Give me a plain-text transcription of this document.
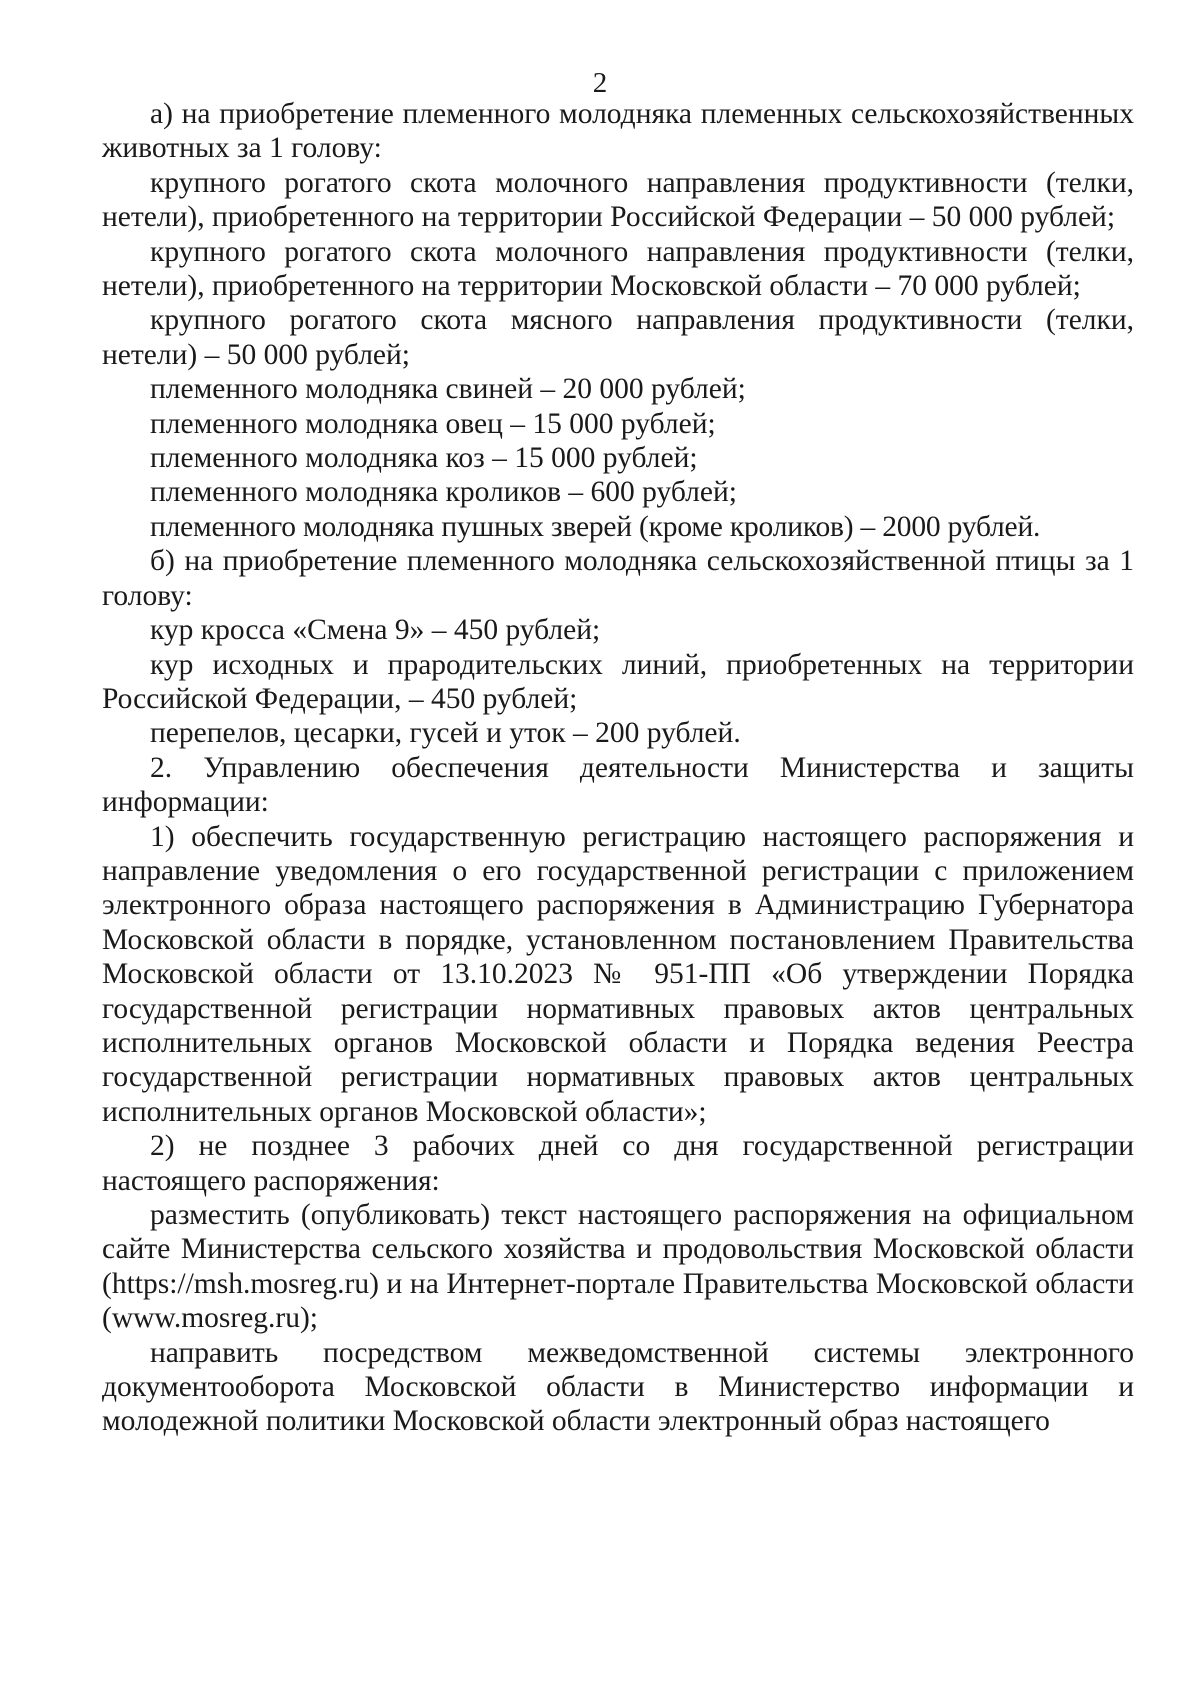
2

а) на приобретение племенного молодняка племенных сельскохозяйственных животных за 1 голову:

крупного рогатого скота молочного направления продуктивности (телки, нетели), приобретенного на территории Российской Федерации – 50 000 рублей;

крупного рогатого скота молочного направления продуктивности (телки, нетели), приобретенного на территории Московской области – 70 000 рублей;

крупного рогатого скота мясного направления продуктивности (телки, нетели) – 50 000 рублей;

племенного молодняка свиней – 20 000 рублей;

племенного молодняка овец – 15 000 рублей;

племенного молодняка коз – 15 000 рублей;

племенного молодняка кроликов – 600 рублей;

племенного молодняка пушных зверей (кроме кроликов) – 2000 рублей.

б) на приобретение племенного молодняка сельскохозяйственной птицы за 1 голову:

кур кросса «Смена 9» – 450 рублей;

кур исходных и прародительских линий, приобретенных на территории Российской Федерации, – 450 рублей;

перепелов, цесарки, гусей и уток – 200 рублей.

2. Управлению обеспечения деятельности Министерства и защиты информации:

1) обеспечить государственную регистрацию настоящего распоряжения и направление уведомления о его государственной регистрации с приложением электронного образа настоящего распоряжения в Администрацию Губернатора Московской области в порядке, установленном постановлением Правительства Московской области от 13.10.2023 № 951-ПП «Об утверждении Порядка государственной регистрации нормативных правовых актов центральных исполнительных органов Московской области и Порядка ведения Реестра государственной регистрации нормативных правовых актов центральных исполнительных органов Московской области»;

2) не позднее 3 рабочих дней со дня государственной регистрации настоящего распоряжения:

разместить (опубликовать) текст настоящего распоряжения на официальном сайте Министерства сельского хозяйства и продовольствия Московской области (https://msh.mosreg.ru) и на Интернет-портале Правительства Московской области (www.mosreg.ru);

направить посредством межведомственной системы электронного документооборота Московской области в Министерство информации и молодежной политики Московской области электронный образ настоящего
